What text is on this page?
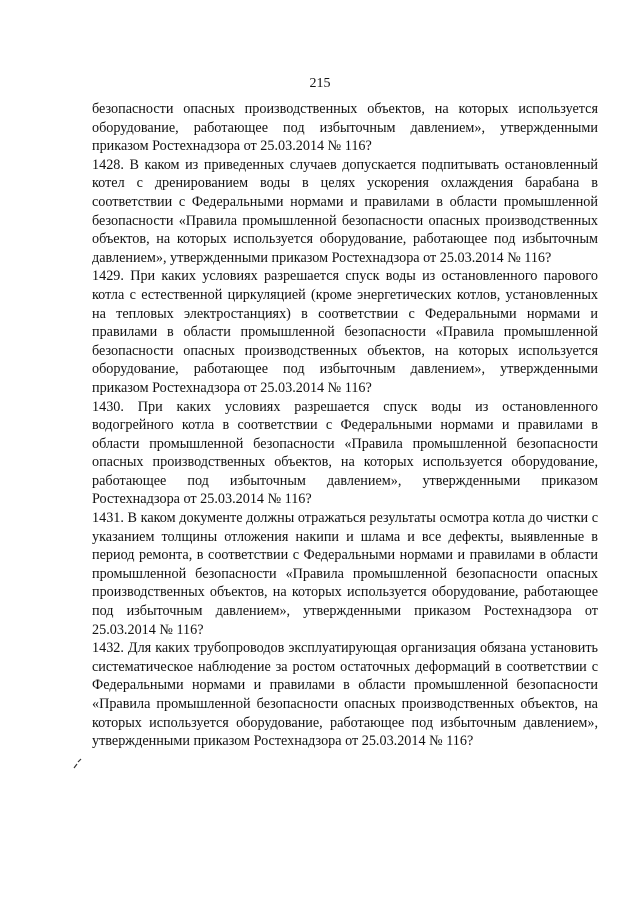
215

безопасности опасных производственных объектов, на которых используется оборудование, работающее под избыточным давлением», утвержденными приказом Ростехнадзора от 25.03.2014 № 116?

1428. В каком из приведенных случаев допускается подпитывать остановленный котел с дренированием воды в целях ускорения охлаждения барабана в соответствии с Федеральными нормами и правилами в области промышленной безопасности «Правила промышленной безопасности опасных производственных объектов, на которых используется оборудование, работающее под избыточным давлением», утвержденными приказом Ростехнадзора от 25.03.2014 № 116?

1429. При каких условиях разрешается спуск воды из остановленного парового котла с естественной циркуляцией (кроме энергетических котлов, установленных на тепловых электростанциях) в соответствии с Федеральными нормами и правилами в области промышленной безопасности «Правила промышленной безопасности опасных производственных объектов, на которых используется оборудование, работающее под избыточным давлением», утвержденными приказом Ростехнадзора от 25.03.2014 № 116?

1430. При каких условиях разрешается спуск воды из остановленного водогрейного котла в соответствии с Федеральными нормами и правилами в области промышленной безопасности «Правила промышленной безопасности опасных производственных объектов, на которых используется оборудование, работающее под избыточным давлением», утвержденными приказом Ростехнадзора от 25.03.2014 № 116?

1431. В каком документе должны отражаться результаты осмотра котла до чистки с указанием толщины отложения накипи и шлама и все дефекты, выявленные в период ремонта, в соответствии с Федеральными нормами и правилами в области промышленной безопасности «Правила промышленной безопасности опасных производственных объектов, на которых используется оборудование, работающее под избыточным давлением», утвержденными приказом Ростехнадзора от 25.03.2014 № 116?

1432. Для каких трубопроводов эксплуатирующая организация обязана установить систематическое наблюдение за ростом остаточных деформаций в соответствии с Федеральными нормами и правилами в области промышленной безопасности «Правила промышленной безопасности опасных производственных объектов, на которых используется оборудование, работающее под избыточным давлением», утвержденными приказом Ростехнадзора от 25.03.2014 № 116?
